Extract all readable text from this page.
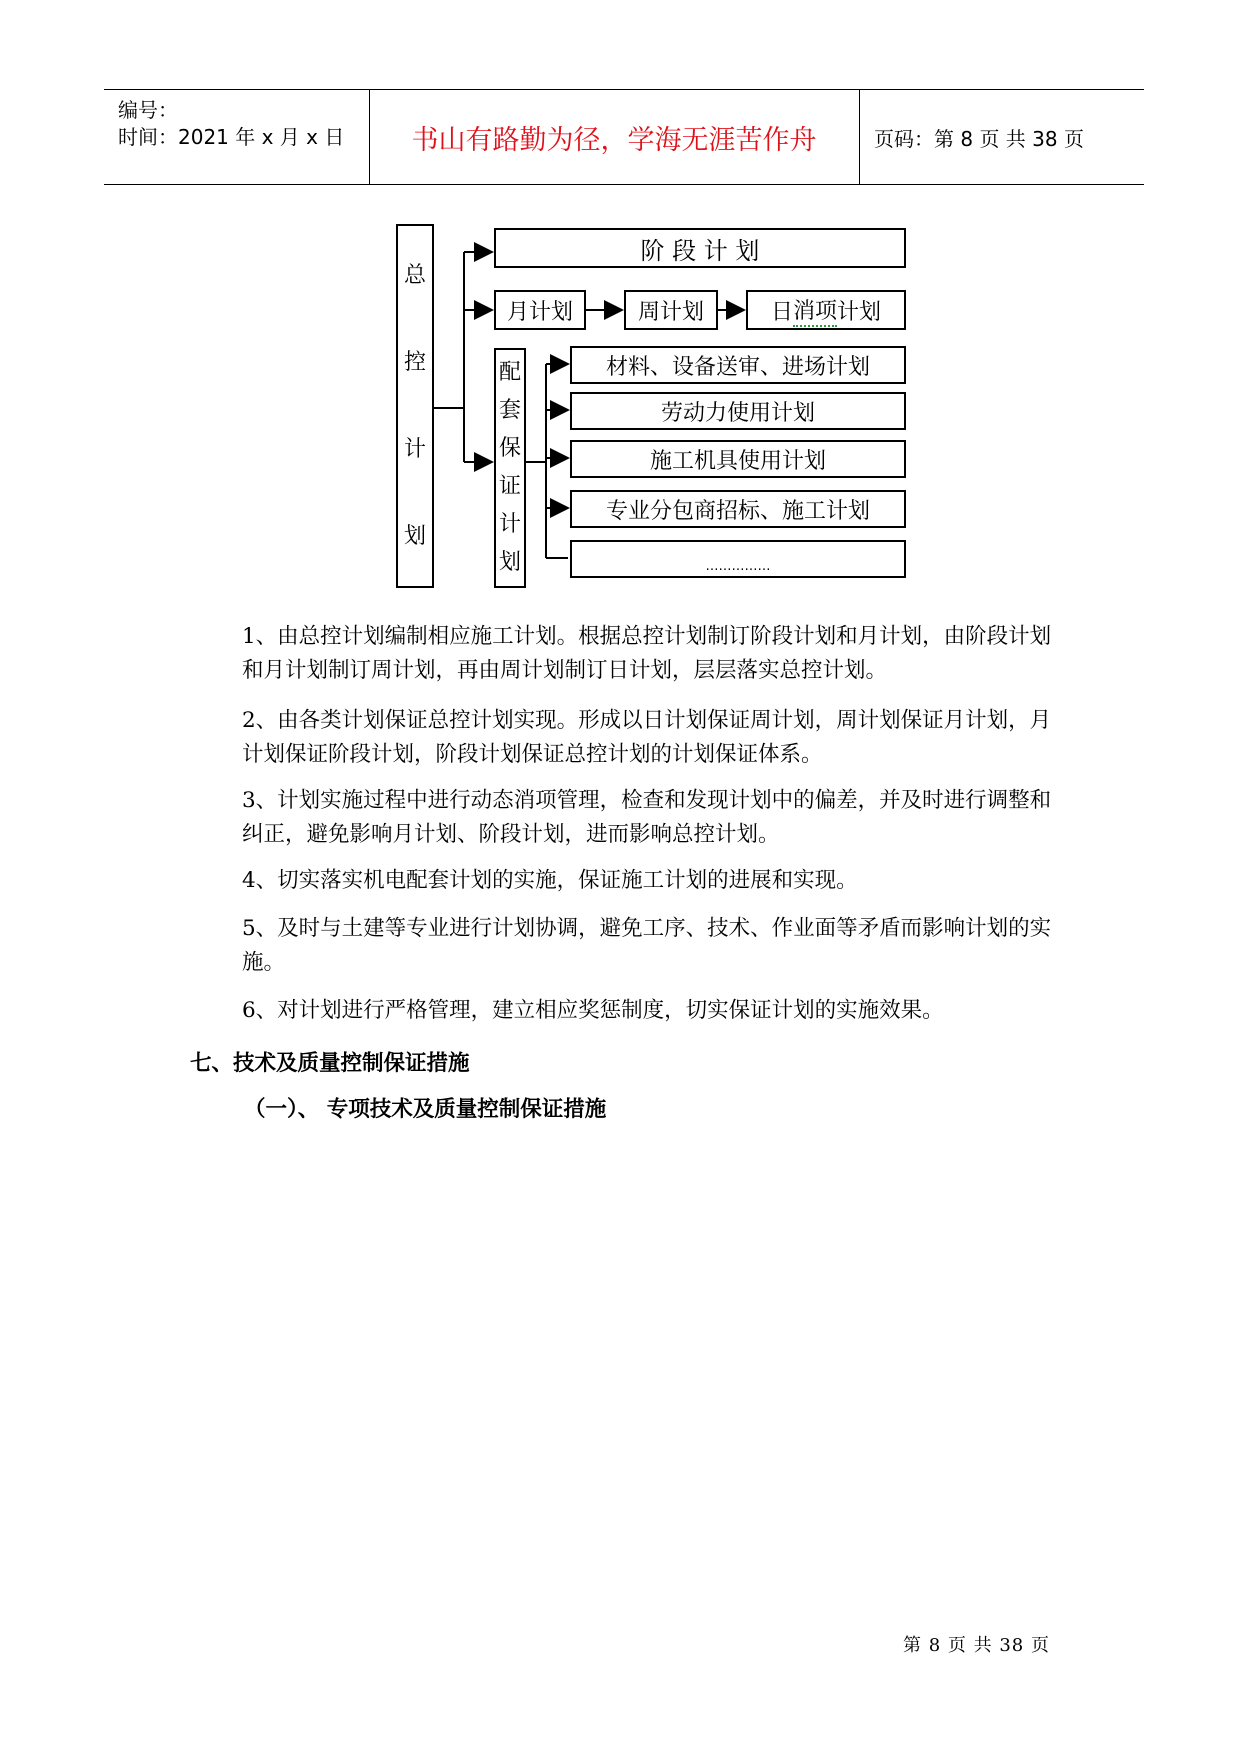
编号：
时间：2021 年 x 月 x 日	书山有路勤为径，学海无涯苦作舟	页码：第 8 页 共 38 页
总
控
计
划
阶 段 计 划
月计划	周计划	日 消项 计划
配
套
保
证
计
划
材料、设备送审、进场计划
劳动力使用计划
施工机具使用计划
专业分包商招标、施工计划
……………
1、由总控计划编制相应施工计划。根据总控计划制订阶段计划和月计划，由阶段计划和月计划制订周计划，再由周计划制订日计划，层层落实总控计划。
2、由各类计划保证总控计划实现。形成以日计划保证周计划，周计划保证月计划，月计划保证阶段计划，阶段计划保证总控计划的计划保证体系。
3、计划实施过程中进行动态消项管理，检查和发现计划中的偏差，并及时进行调整和纠正，避免影响月计划、阶段计划，进而影响总控计划。
4、切实落实机电配套计划的实施，保证施工计划的进展和实现。
5、及时与土建等专业进行计划协调，避免工序、技术、作业面等矛盾而影响计划的实施。
6、对计划进行严格管理，建立相应奖惩制度，切实保证计划的实施效果。
七、技术及质量控制保证措施
（一）、 专项技术及质量控制保证措施
第 8 页 共 38 页
